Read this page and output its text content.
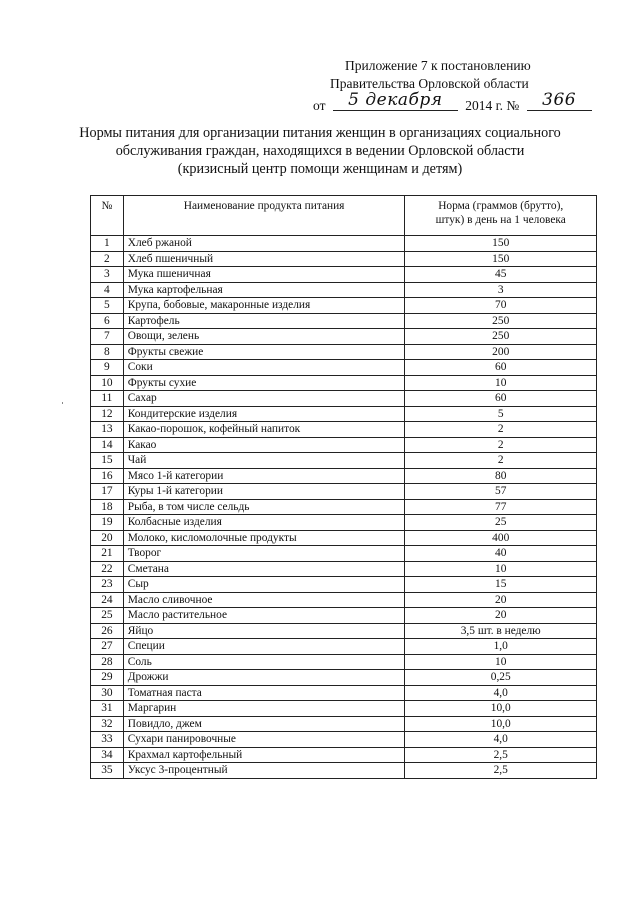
Приложение 7 к постановлению
Правительства Орловской области
от 5 декабря 2014 г. № 366
Нормы питания для организации питания женщин в организациях социального
обслуживания граждан, находящихся в ведении Орловской области
(кризисный центр помощи женщинам и детям)
№	Наименование продукта питания	Норма (граммов (брутто),
штук) в день на 1 человека
1	Хлеб ржаной	150
2	Хлеб пшеничный	150
3	Мука пшеничная	45
4	Мука картофельная	3
5	Крупа, бобовые, макаронные изделия	70
6	Картофель	250
7	Овощи, зелень	250
8	Фрукты свежие	200
9	Соки	60
10	Фрукты сухие	10
11	Сахар	60
12	Кондитерские изделия	5
13	Какао-порошок, кофейный напиток	2
14	Какао	2
15	Чай	2
16	Мясо 1-й категории	80
17	Куры 1-й категории	57
18	Рыба, в том числе сельдь	77
19	Колбасные изделия	25
20	Молоко, кисломолочные продукты	400
21	Творог	40
22	Сметана	10
23	Сыр	15
24	Масло сливочное	20
25	Масло растительное	20
26	Яйцо	3,5 шт. в неделю
27	Специи	1,0
28	Соль	10
29	Дрожжи	0,25
30	Томатная паста	4,0
31	Маргарин	10,0
32	Повидло, джем	10,0
33	Сухари панировочные	4,0
34	Крахмал картофельный	2,5
35	Уксус 3-процентный	2,5
